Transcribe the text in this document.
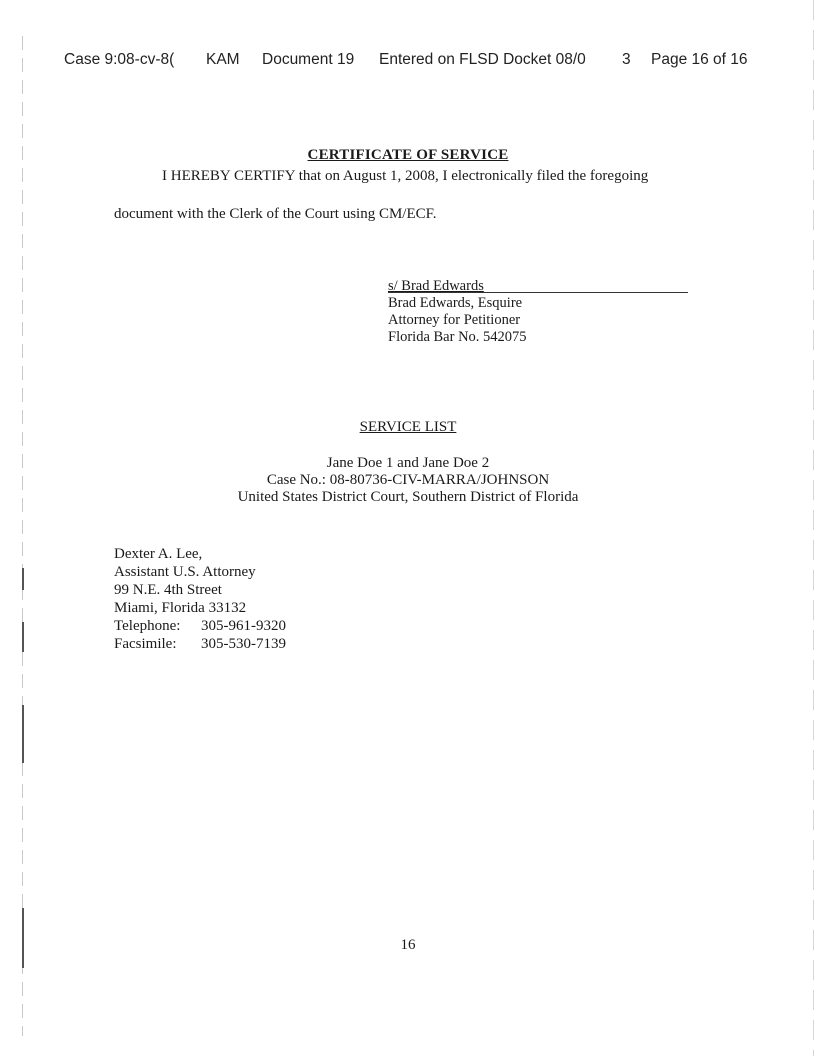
Case 9:08-cv-8( KAM Document 19 Entered on FLSD Docket 08/0 3 Page 16 of 16
CERTIFICATE OF SERVICE
I HEREBY CERTIFY that on August 1, 2008, I electronically filed the foregoing
document with the Clerk of the Court using CM/ECF.
s/ Brad Edwards
Brad Edwards, Esquire
Attorney for Petitioner
Florida Bar No. 542075
SERVICE LIST
Jane Doe 1 and Jane Doe 2
Case No.: 08-80736-CIV-MARRA/JOHNSON
United States District Court, Southern District of Florida
Dexter A. Lee,
Assistant U.S. Attorney
99 N.E. 4th Street
Miami, Florida 33132
Telephone: 305-961-9320
Facsimile: 305-530-7139
16
